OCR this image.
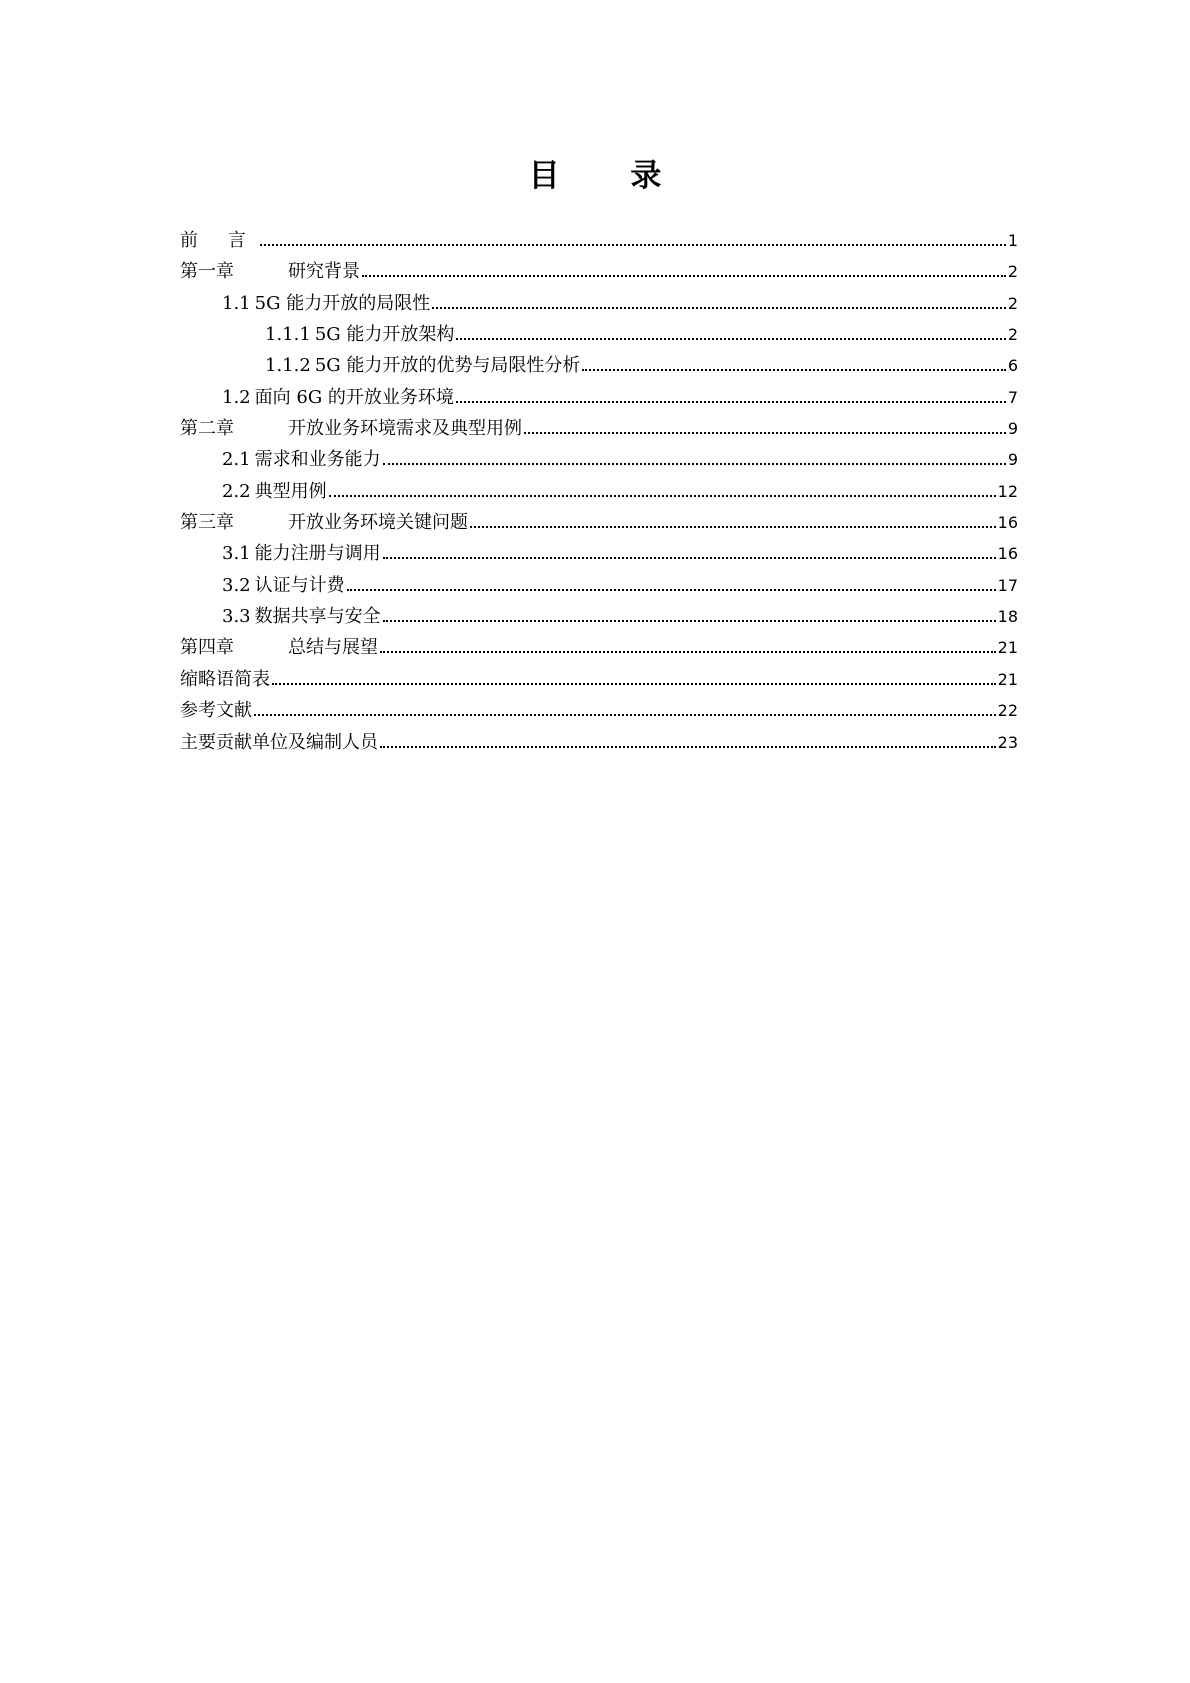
目 录
前 言	1
第一章	研究背景	2
1.1 5G 能力开放的局限性	2
1.1.1 5G 能力开放架构	2
1.1.2 5G 能力开放的优势与局限性分析	6
1.2 面向 6G 的开放业务环境	7
第二章	开放业务环境需求及典型用例	9
2.1 需求和业务能力	9
2.2 典型用例	12
第三章	开放业务环境关键问题	16
3.1 能力注册与调用	16
3.2 认证与计费	17
3.3 数据共享与安全	18
第四章	总结与展望	21
缩略语简表	21
参考文献	22
主要贡献单位及编制人员	23
